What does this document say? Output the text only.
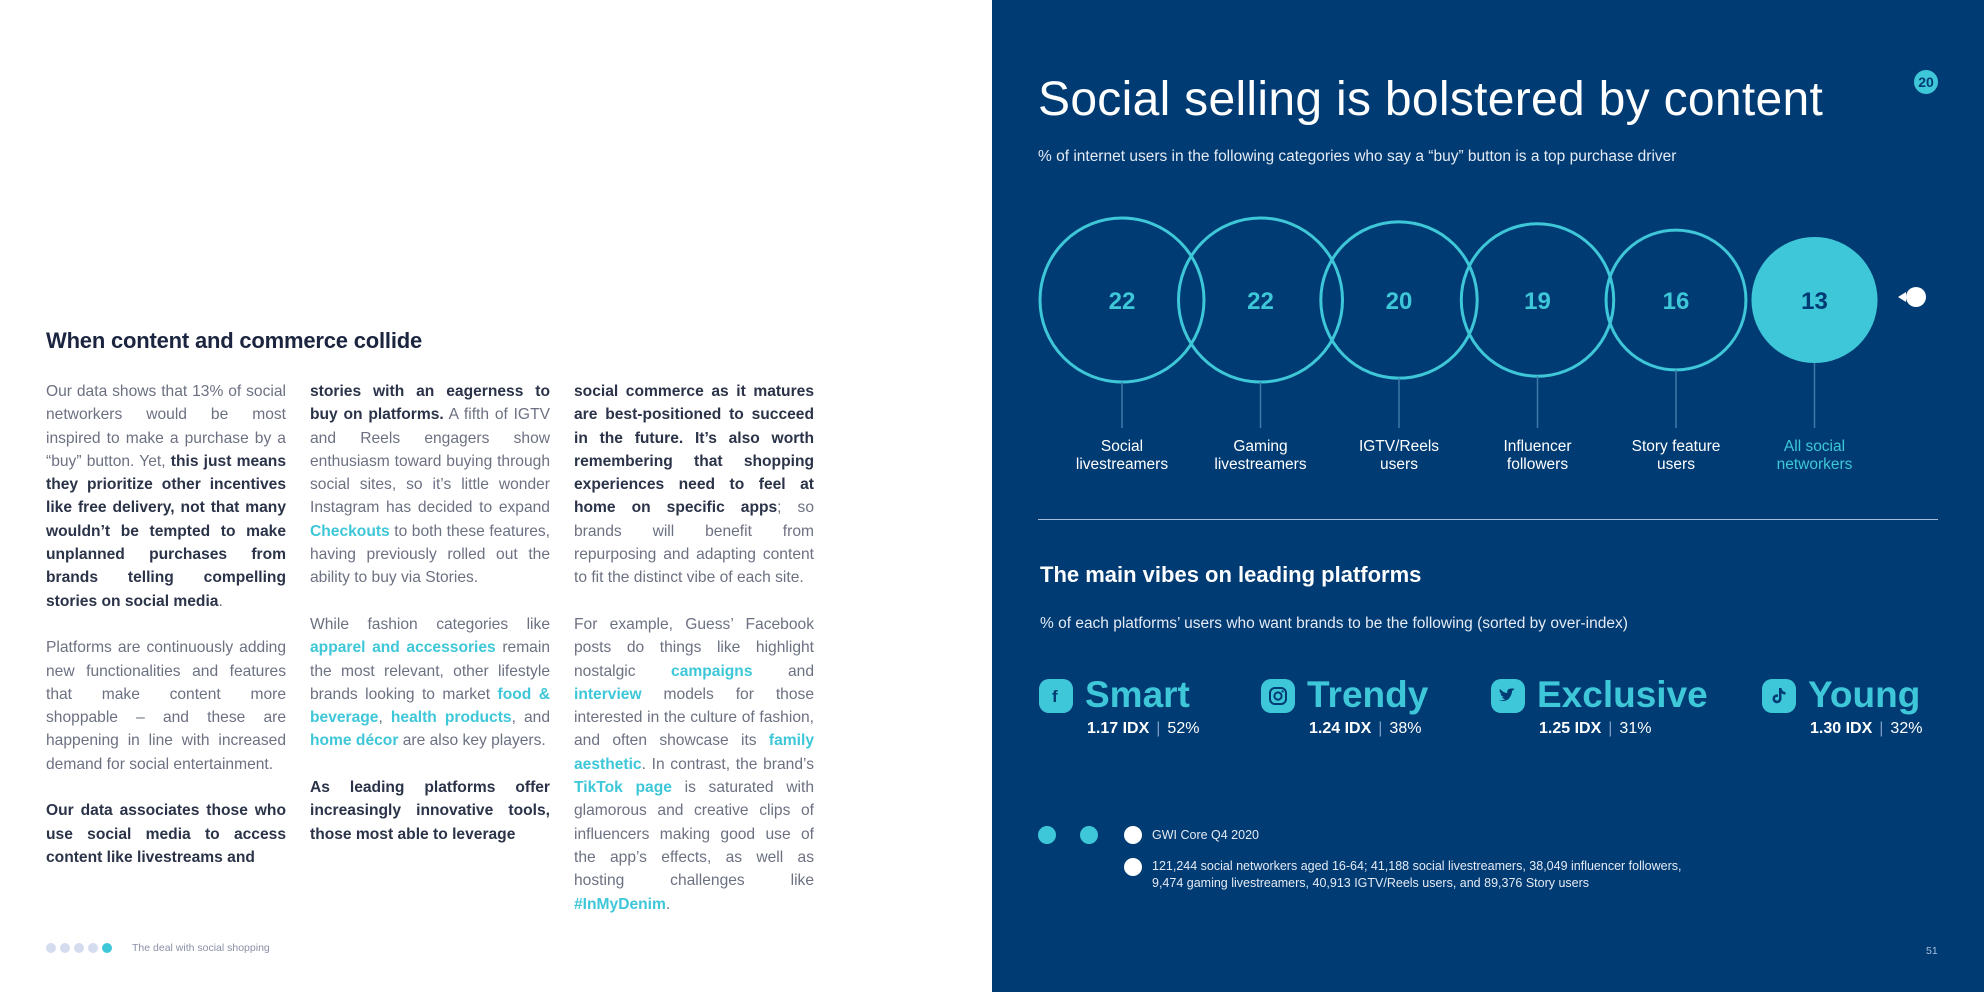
When content and commerce collide

Our data shows that 13% of social networkers would be most inspired to make a purchase by a “buy” button. Yet, this just means they prioritize other incentives like free delivery, not that many wouldn’t be tempted to make unplanned purchases from brands telling compelling stories on social media.

Platforms are continuously adding new functionalities and features that make content more shoppable – and these are happening in line with increased demand for social entertainment.

Our data associates those who use social media to access content like livestreams and

stories with an eagerness to buy on platforms. A fifth of IGTV and Reels engagers show enthusiasm toward buying through social sites, so it’s little wonder Instagram has decided to expand Checkouts to both these features, having previously rolled out the ability to buy via Stories.

While fashion categories like apparel and accessories remain the most relevant, other lifestyle brands looking to market food & beverage, health products, and home décor are also key players.

As leading platforms offer increasingly innovative tools, those most able to leverage

social commerce as it matures are best-positioned to succeed in the future. It’s also worth remembering that shopping experiences need to feel at home on specific apps; so brands will benefit from repurposing and adapting content to fit the distinct vibe of each site.

For example, Guess’ Facebook posts do things like highlight nostalgic campaigns and interview models for those interested in the culture of fashion, and often showcase its family aesthetic. In contrast, the brand’s TikTok page is saturated with glamorous and creative clips of influencers making good use of the app’s effects, as well as hosting challenges like #InMyDenim.

The deal with social shopping
Social selling is bolstered by content	20
% of internet users in the following categories who say a “buy” button is a top purchase driver
22	22	20	19	16	13
Social
livestreamers
Gaming
livestreamers
IGTV/Reels
users
Influencer
followers
Story feature
users
All social
networkers
The main vibes on leading platforms
% of each platforms’ users who want brands to be the following (sorted by over-index)
f Smart
1.17 IDX | 52%
Trendy
1.24 IDX | 38%
Exclusive
1.25 IDX | 31%
Young
1.30 IDX | 32%
GWI Core Q4 2020
121,244 social networkers aged 16-64; 41,188 social livestreamers, 38,049 influencer followers,
9,474 gaming livestreamers, 40,913 IGTV/Reels users, and 89,376 Story users
51
